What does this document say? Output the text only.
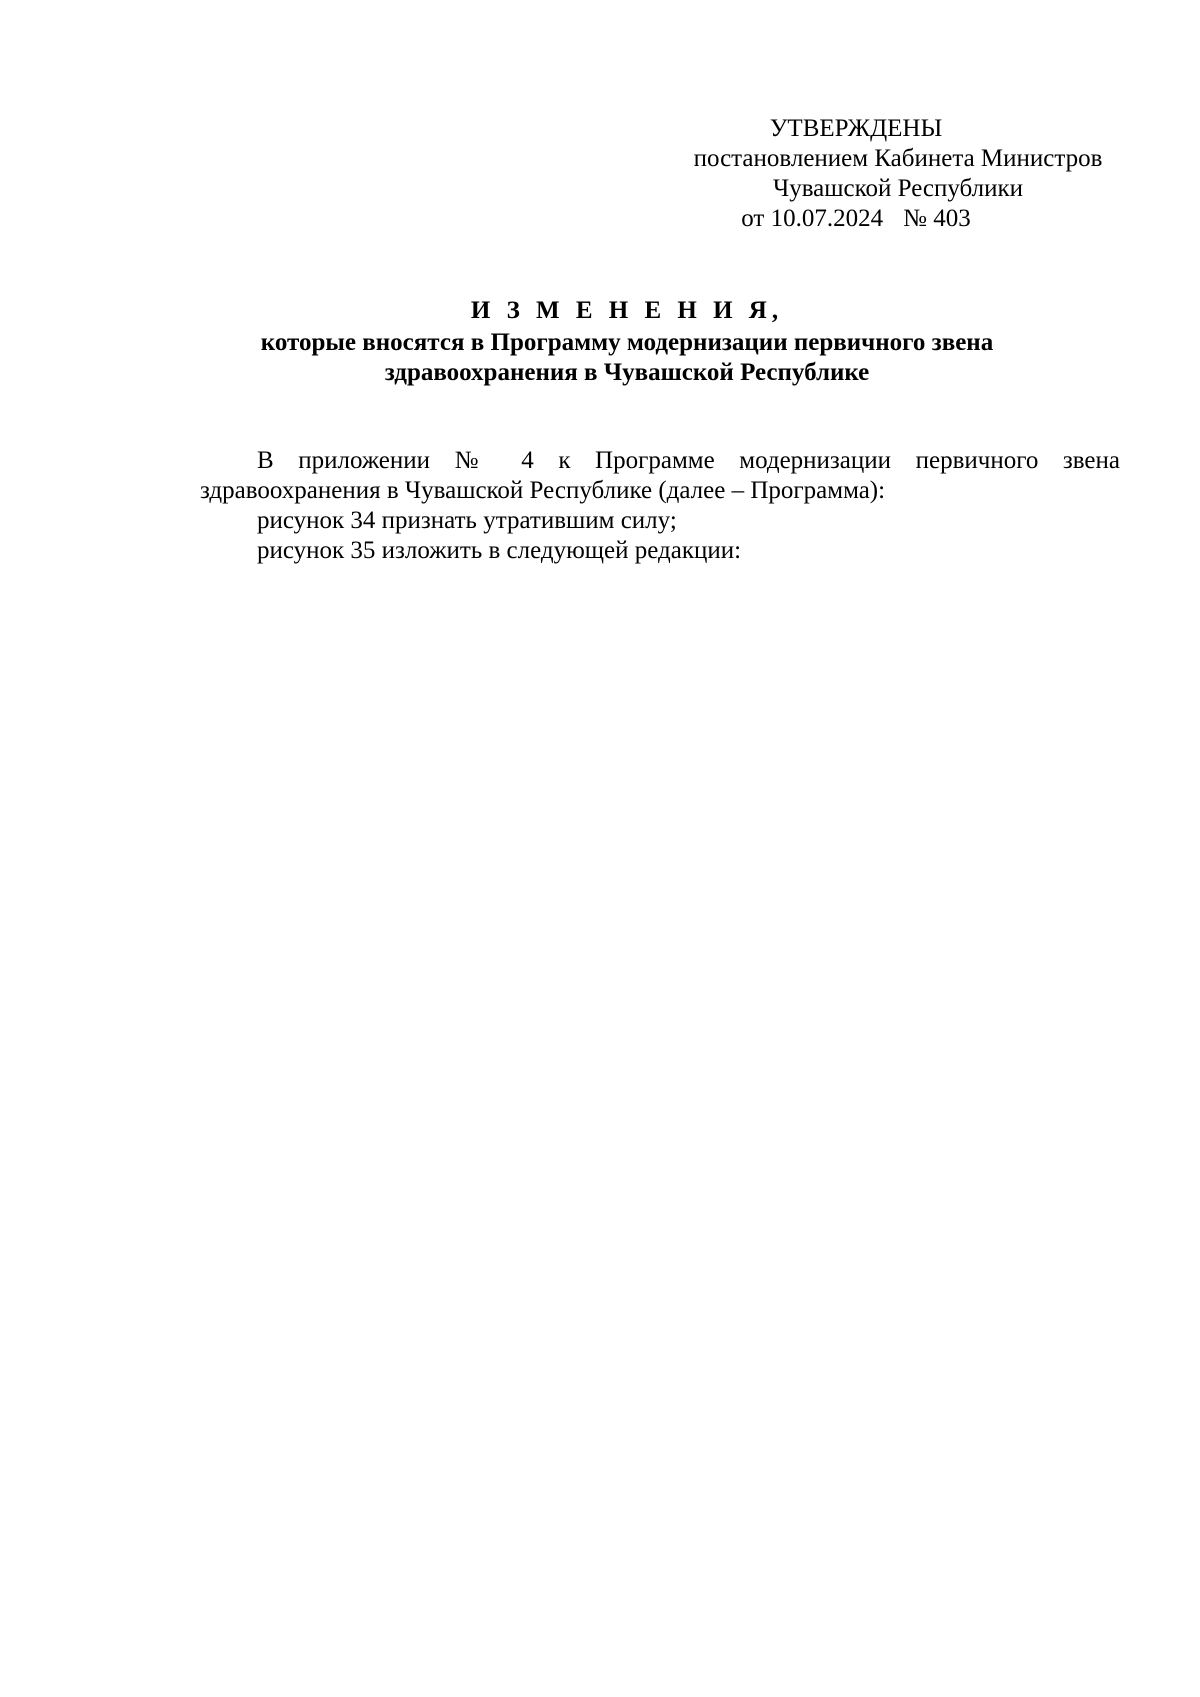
УТВЕРЖДЕНЫ
постановлением Кабинета Министров
Чувашской Республики
от 10.07.2024 № 403
И З М Е Н Е Н И Я,
которые вносятся в Программу модернизации первичного звена
здравоохранения в Чувашской Республике

В приложении № 4 к Программе модернизации первичного звена здравоохранения в Чувашской Республике (далее – Программа):

рисунок 34 признать утратившим силу;

рисунок 35 изложить в следующей редакции:
